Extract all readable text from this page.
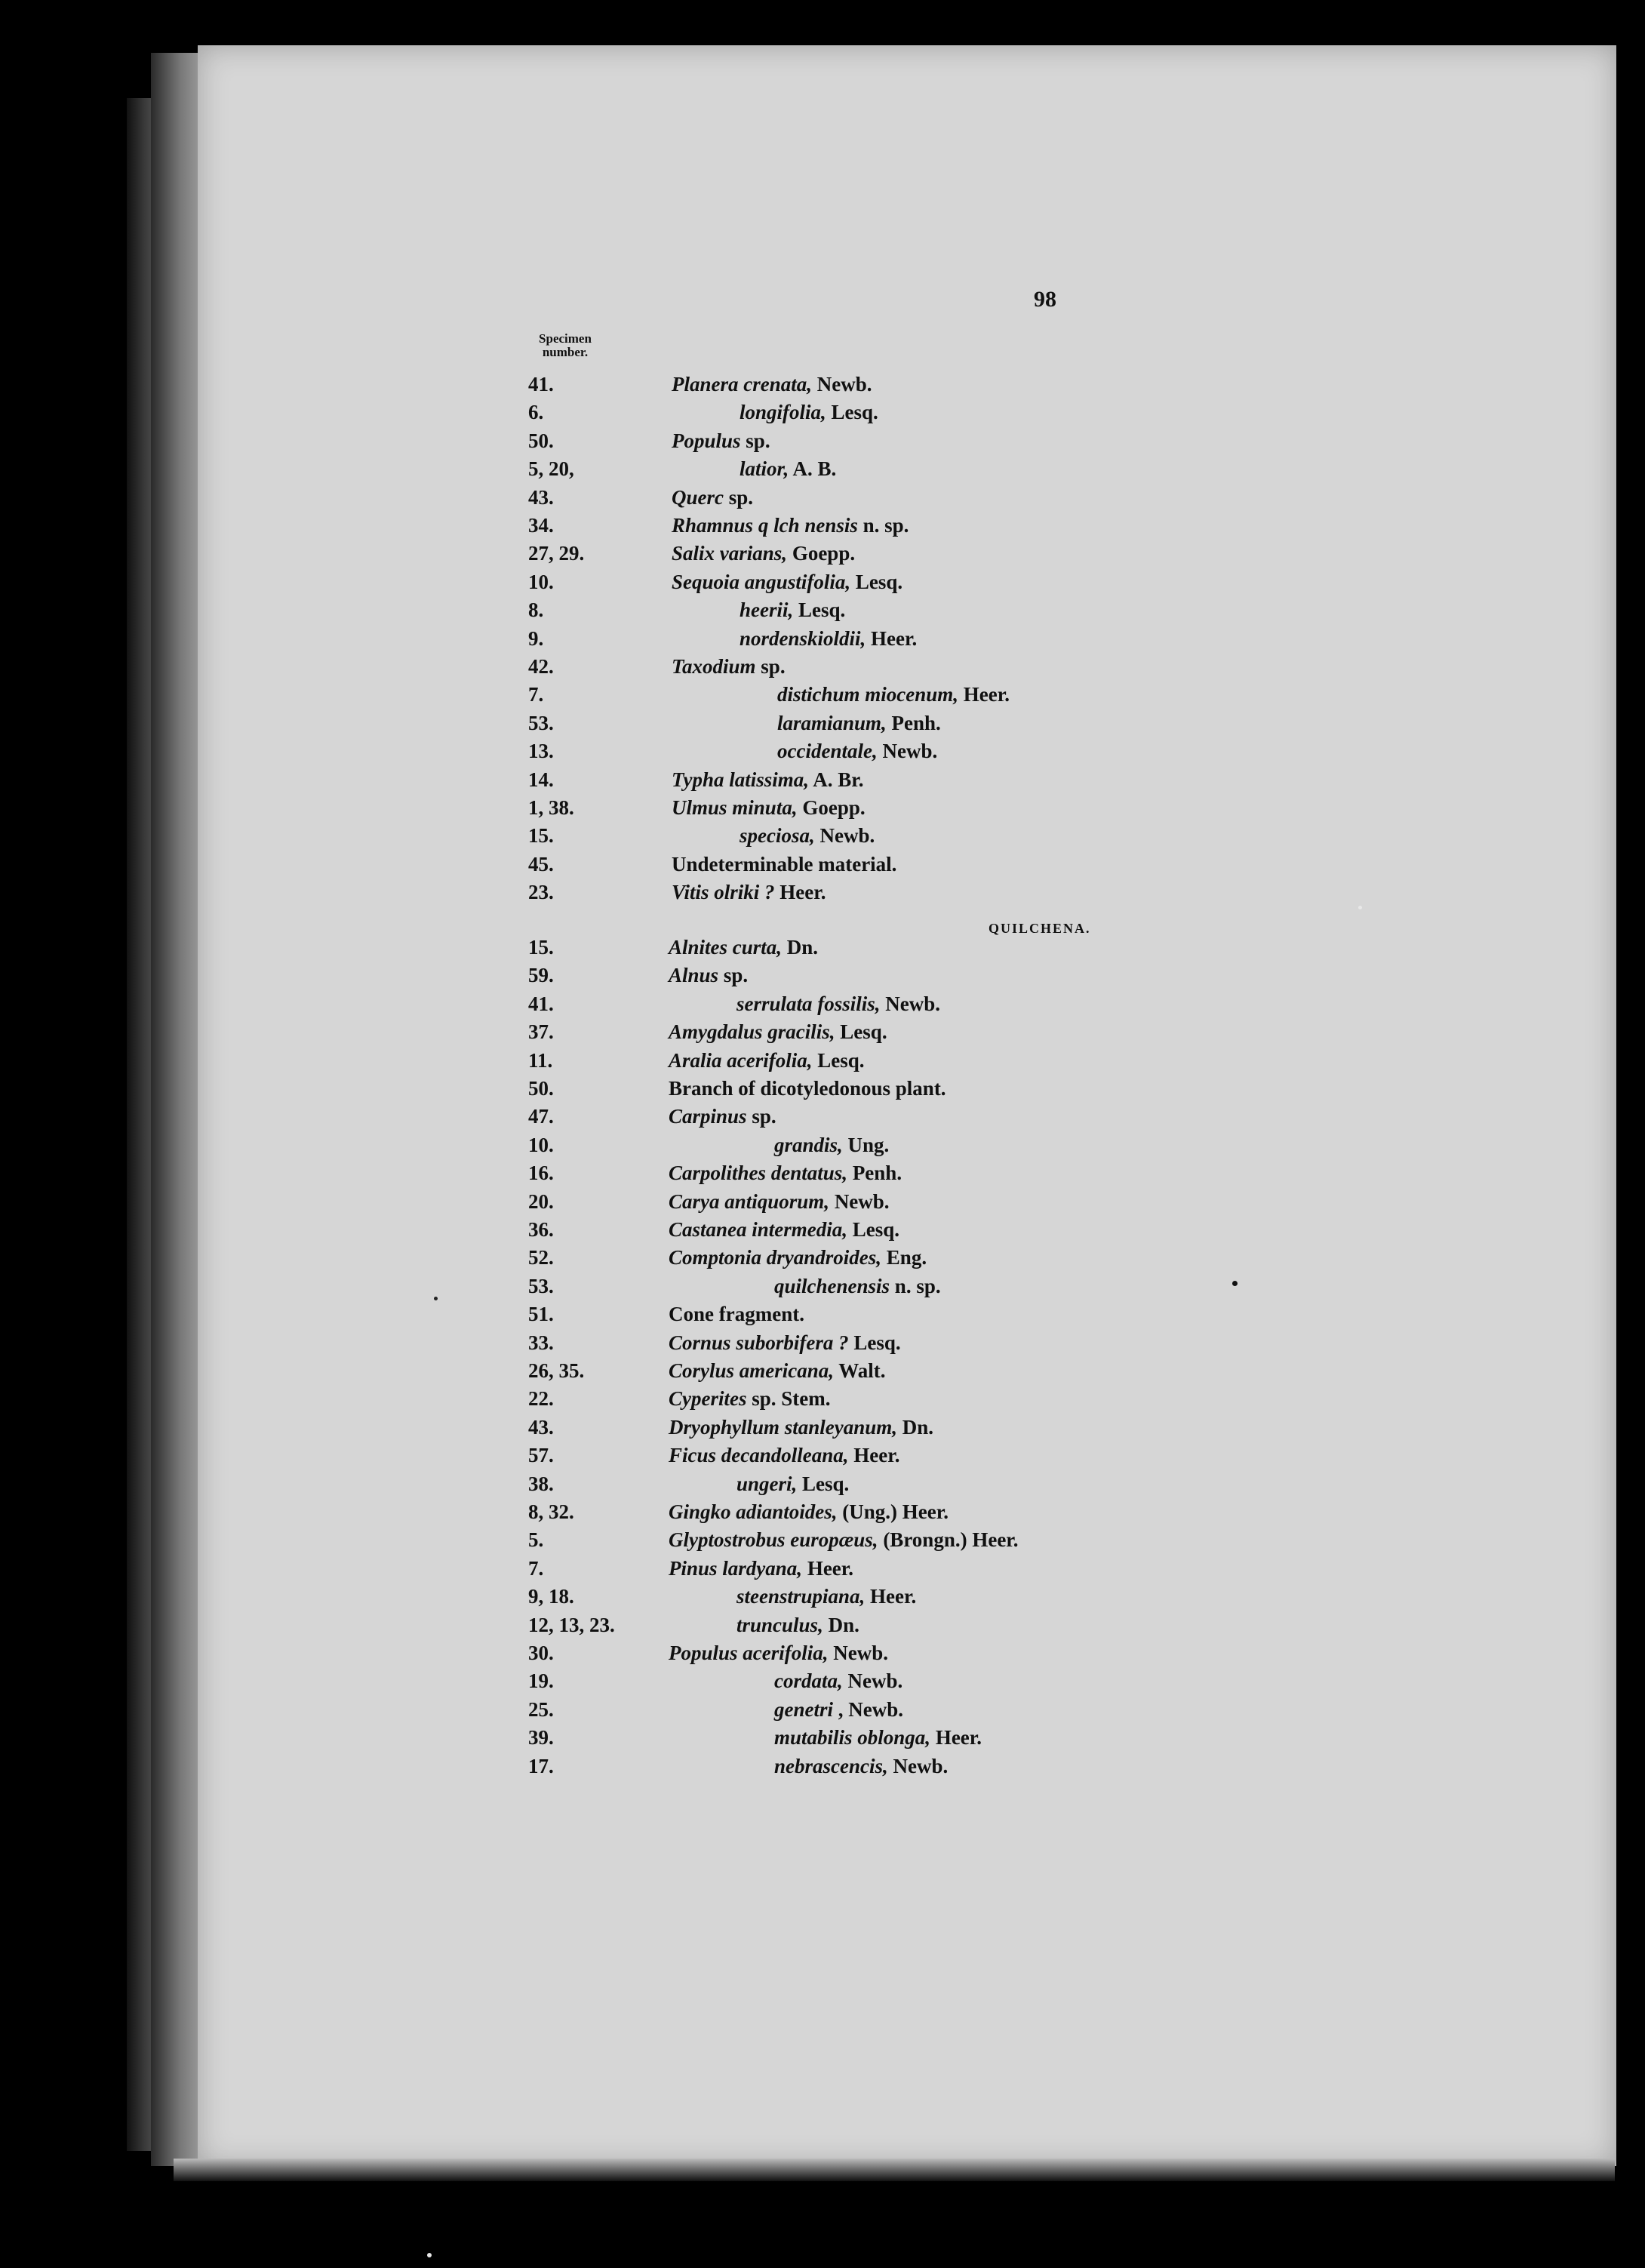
98
Specimen
number.
QUILCHENA.
41.	Planera crenata, Newb.
6.	longifolia, Lesq.
50.	Populus sp.
5, 20,	latior, A. B.
43.	Querc sp.
34.	Rhamnus q lch nensis n. sp.
27, 29.	Salix varians, Goepp.
10.	Sequoia angustifolia, Lesq.
8.	heerii, Lesq.
9.	nordenskioldii, Heer.
42.	Taxodium sp.
7.	distichum miocenum, Heer.
53.	laramianum, Penh.
13.	occidentale, Newb.
14.	Typha latissima, A. Br.
1, 38.	Ulmus minuta, Goepp.
15.	speciosa, Newb.
45.	Undeterminable material.
23.	Vitis olriki ? Heer.
15.	Alnites curta, Dn.
59.	Alnus sp.
41.	serrulata fossilis, Newb.
37.	Amygdalus gracilis, Lesq.
11.	Aralia acerifolia, Lesq.
50.	Branch of dicotyledonous plant.
47.	Carpinus sp.
10.	grandis, Ung.
16.	Carpolithes dentatus, Penh.
20.	Carya antiquorum, Newb.
36.	Castanea intermedia, Lesq.
52.	Comptonia dryandroides, Eng.
53.	quilchenensis n. sp.
51.	Cone fragment.
33.	Cornus suborbifera ? Lesq.
26, 35.	Corylus americana, Walt.
22.	Cyperites sp. Stem.
43.	Dryophyllum stanleyanum, Dn.
57.	Ficus decandolleana, Heer.
38.	ungeri, Lesq.
8, 32.	Gingko adiantoides, (Ung.) Heer.
5.	Glyptostrobus europæus, (Brongn.) Heer.
7.	Pinus lardyana, Heer.
9, 18.	steenstrupiana, Heer.
12, 13, 23.	trunculus, Dn.
30.	Populus acerifolia, Newb.
19.	cordata, Newb.
25.	genetri , Newb.
39.	mutabilis oblonga, Heer.
17.	nebrascencis, Newb.
